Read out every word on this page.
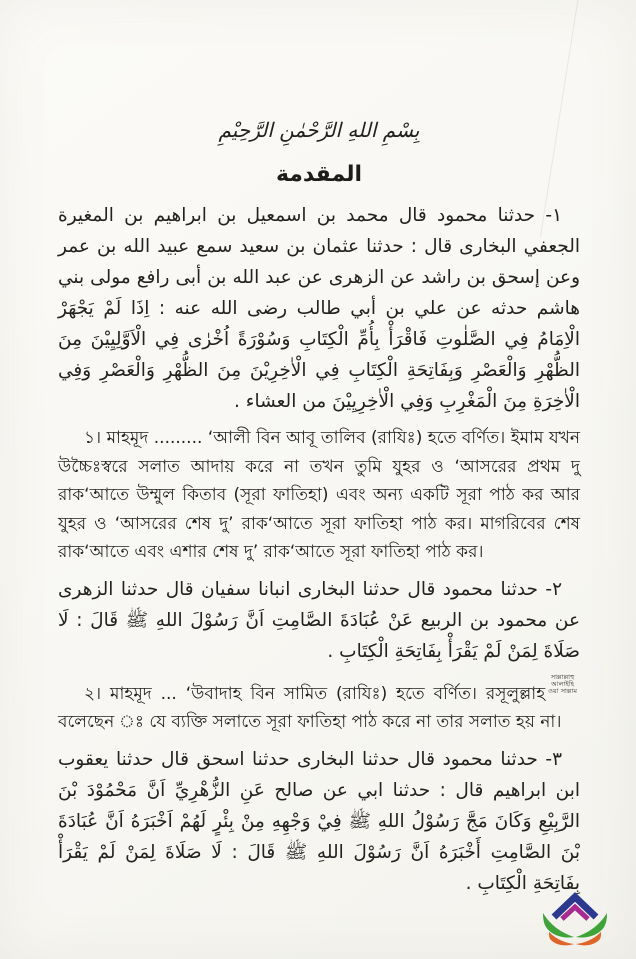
بِسْمِ اللهِ الرَّحْمٰنِ الرَّحِيْمِ
المقدمة

١- حدثنا محمود قال محمد بن اسمعيل بن ابراهيم بن المغيرة الجعفي البخارى قال : حدثنا عثمان بن سعيد سمع عبيد الله بن عمر وعن إسحق بن راشد عن الزهرى عن عبد الله بن أبى رافع مولى بني هاشم حدثه عن علي بن أبي طالب رضى الله عنه : اِذَا لَمْ يَجْهَرْ الْاِمَامُ فِي الصَّلٰوتِ فَاقْرَأْ بِأُمِّ الْكِتَابِ وَسُوْرَةً اُخْرٰى فِي الْاَوَّلِيِيْنَ مِنَ الظُّهْرِ وَالْعَصْرِ وَبِفَاتِحَةِ الْكِتَابِ فِي الْاٰخِرِيْنَ مِنَ الظُّهْرِ وَالْعَصْرِ وَفِي الْاٰخِرَةِ مِنَ الْمَغْرِبِ وَفِي الْاٰخِرِيِيْنَ من العشاء .

১। মাহমূদ ......... ‘আলী বিন আবূ তালিব (রাযিঃ) হতে বর্ণিত। ইমাম যখন উচ্চৈঃস্বরে সলাত আদায় করে না তখন তুমি যুহর ও ‘আসরের প্রথম দু রাক‘আতে উম্মুল কিতাব (সূরা ফাতিহা) এবং অন্য একটি সূরা পাঠ কর আর যুহর ও ‘আসরের শেষ দু’ রাক‘আতে সূরা ফাতিহা পাঠ কর। মাগরিবের শেষ রাক‘আতে এবং এশার শেষ দু’ রাক‘আতে সূরা ফাতিহা পাঠ কর।

٢- حدثنا محمود قال حدثنا البخارى انبانا سفيان قال حدثنا الزهرى عن محمود بن الربيع عَنْ عُبَادَةَ الصَّامِتِ اَنَّ رَسُوْلَ اللهِ ﷺ قَالَ : لَا صَلَاةَ لِمَنْ لَمْ يَقْرَأْ بِفَاتِحَةِ الْكِتَابِ .

২। মাহমূদ ... ‘উবাদাহ বিন সামিত (রাযিঃ) হতে বর্ণিত। রসূলুল্লাহসাল্লাল্লাহু
আলাইহি
ওয়া সাল্লাম বলেছেন ঃ যে ব্যক্তি সলাতে সূরা ফাতিহা পাঠ করে না তার সলাত হয় না।

٣- حدثنا محمود قال حدثنا البخارى حدثنا اسحق قال حدثنا يعقوب ابن ابراهيم قال : حدثنا ابي عن صالح عَنِ الزُّهْرِيِّ اَنَّ مَحْمُوْدَ بْنَ الرَّبِيْعِ وَكَانَ مَجَّ رَسُوْلُ اللهِ ﷺ فِيْ وَجْهِهِ مِنْ بِئْرٍ لَهُمْ اَخْبَرَهُ اَنَّ عُبَادَةَ بْنَ الصَّامِتِ أَخْبَرَهُ اَنَّ رَسُوْلَ اللهِ ﷺ قَالَ : لَا صَلَاةَ لِمَنْ لَمْ يَقْرَأْ بِفَاتِحَةِ الْكِتَابِ .
